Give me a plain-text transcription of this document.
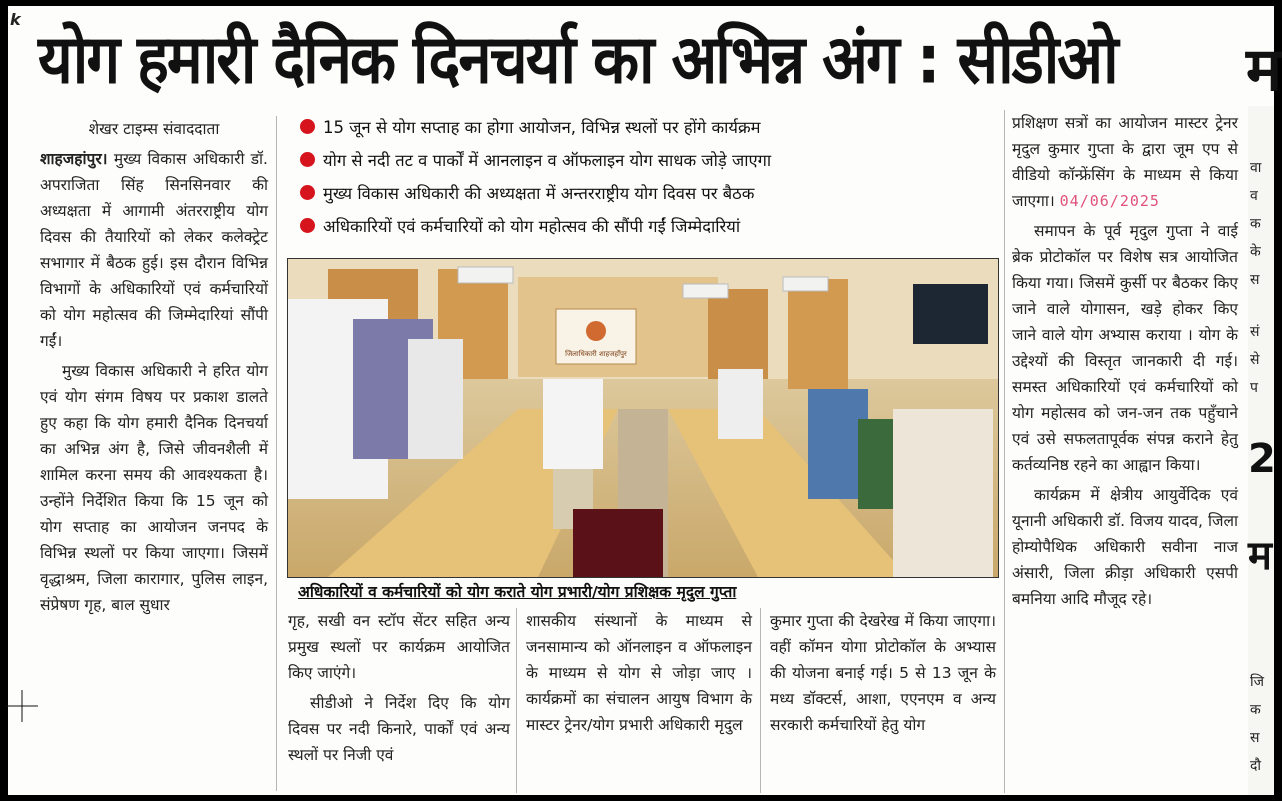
k
योग हमारी दैनिक दिनचर्या का अभिन्न अंग : सीडीओ	म

शेखर टाइम्स संवाददाता

शाहजहांपुर। मुख्य विकास अधिकारी डॉ. अपराजिता सिंह सिनसिनवार की अध्यक्षता में आगामी अंतरराष्ट्रीय योग दिवस की तैयारियों को लेकर कलेक्ट्रेट सभागार में बैठक हुई। इस दौरान विभिन्न विभागों के अधिकारियों एवं कर्मचारियों को योग महोत्सव की जिम्मेदारियां सौंपी गईं।

मुख्य विकास अधिकारी ने हरित योग एवं योग संगम विषय पर प्रकाश डालते हुए कहा कि योग हमारी दैनिक दिनचर्या का अभिन्न अंग है, जिसे जीवनशैली में शामिल करना समय की आवश्यकता है। उन्होंने निर्देशित किया कि 15 जून को योग सप्ताह का आयोजन जनपद के विभिन्न स्थलों पर किया जाएगा। जिसमें वृद्धाश्रम, जिला कारागार, पुलिस लाइन, संप्रेषण गृह, बाल सुधार

15 जून से योग सप्ताह का होगा आयोजन, विभिन्न स्थलों पर होंगे कार्यक्रम
योग से नदी तट व पार्कों में आनलाइन व ऑफलाइन योग साधक जोड़े जाएगा
मुख्य विकास अधिकारी की अध्यक्षता में अन्तरराष्ट्रीय योग दिवस पर बैठक
अधिकारियों एवं कर्मचारियों को योग महोत्सव की सौंपी गईं जिम्मेदारियां
जिलाधिकारी शाहजहाँपुर
अधिकारियों व कर्मचारियों को योग कराते योग प्रभारी/योग प्रशिक्षक मृदुल गुप्ता

गृह, सखी वन स्टॉप सेंटर सहित अन्य प्रमुख स्थलों पर कार्यक्रम आयोजित किए जाएंगे।

सीडीओ ने निर्देश दिए कि योग दिवस पर नदी किनारे, पार्कों एवं अन्य स्थलों पर निजी एवं

शासकीय संस्थानों के माध्यम से जनसामान्य को ऑनलाइन व ऑफलाइन के माध्यम से योग से जोड़ा जाए । कार्यक्रमों का संचालन आयुष विभाग के मास्टर ट्रेनर/योग प्रभारी अधिकारी मृदुल

कुमार गुप्ता की देखरेख में किया जाएगा। वहीं कॉमन योगा प्रोटोकॉल के अभ्यास की योजना बनाई गई। 5 से 13 जून के मध्य डॉक्टर्स, आशा, एएनएम व अन्य सरकारी कर्मचारियों हेतु योग

प्रशिक्षण सत्रों का आयोजन मास्टर ट्रेनर मृदुल कुमार गुप्ता के द्वारा जूम एप से वीडियो कॉन्फ्रेंसिंग के माध्यम से किया जाएगा। 04/06/2025

समापन के पूर्व मृदुल गुप्ता ने वाई ब्रेक प्रोटोकॉल पर विशेष सत्र आयोजित किया गया। जिसमें कुर्सी पर बैठकर किए जाने वाले योगासन, खड़े होकर किए जाने वाले योग अभ्यास कराया । योग के उद्देश्यों की विस्तृत जानकारी दी गई। समस्त अधिकारियों एवं कर्मचारियों को योग महोत्सव को जन-जन तक पहुँचाने एवं उसे सफलतापूर्वक संपन्न कराने हेतु कर्तव्यनिष्ठ रहने का आह्वान किया।

कार्यक्रम में क्षेत्रीय आयुर्वेदिक एवं यूनानी अधिकारी डॉ. विजय यादव, जिला होम्योपैथिक अधिकारी सवीना नाज अंसारी, जिला क्रीड़ा अधिकारी एसपी बमनिया आदि मौजूद रहे।

वा
व
क
के
स
सं
से
प
2
म
जि
क
स
दौ
